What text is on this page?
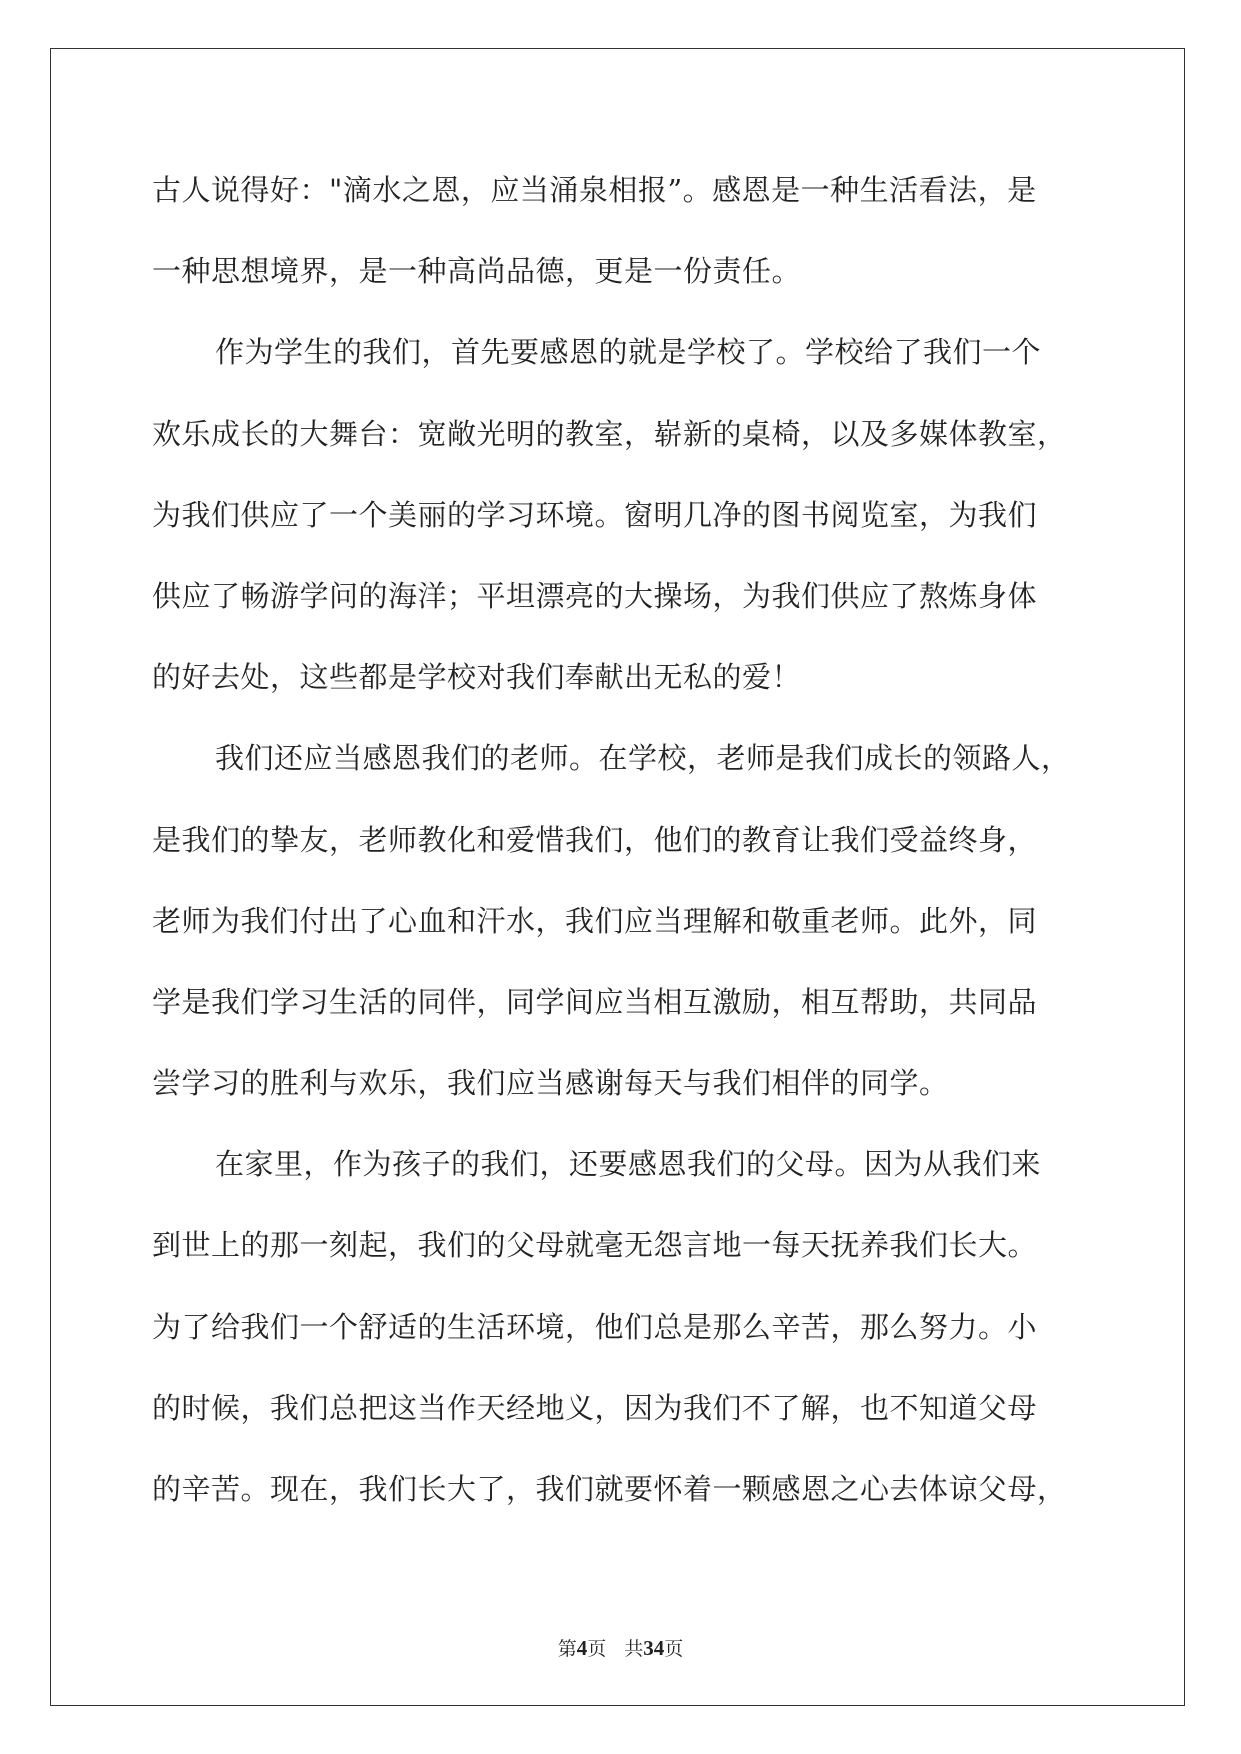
古人说得好："滴水之恩，应当涌泉相报”。感恩是一种生活看法，是
一种思想境界，是一种高尚品德，更是一份责任。
作为学生的我们，首先要感恩的就是学校了。学校给了我们一个
欢乐成长的大舞台：宽敞光明的教室，崭新的桌椅，以及多媒体教室，
为我们供应了一个美丽的学习环境。窗明几净的图书阅览室，为我们
供应了畅游学问的海洋；平坦漂亮的大操场，为我们供应了熬炼身体
的好去处，这些都是学校对我们奉献出无私的爱！
我们还应当感恩我们的老师。在学校，老师是我们成长的领路人，
是我们的挚友，老师教化和爱惜我们，他们的教育让我们受益终身，
老师为我们付出了心血和汗水，我们应当理解和敬重老师。此外，同
学是我们学习生活的同伴，同学间应当相互激励，相互帮助，共同品
尝学习的胜利与欢乐，我们应当感谢每天与我们相伴的同学。
在家里，作为孩子的我们，还要感恩我们的父母。因为从我们来
到世上的那一刻起，我们的父母就毫无怨言地一每天抚养我们长大。
为了给我们一个舒适的生活环境，他们总是那么辛苦，那么努力。小
的时候，我们总把这当作天经地义，因为我们不了解，也不知道父母
的辛苦。现在，我们长大了，我们就要怀着一颗感恩之心去体谅父母，
第4页 共34页
